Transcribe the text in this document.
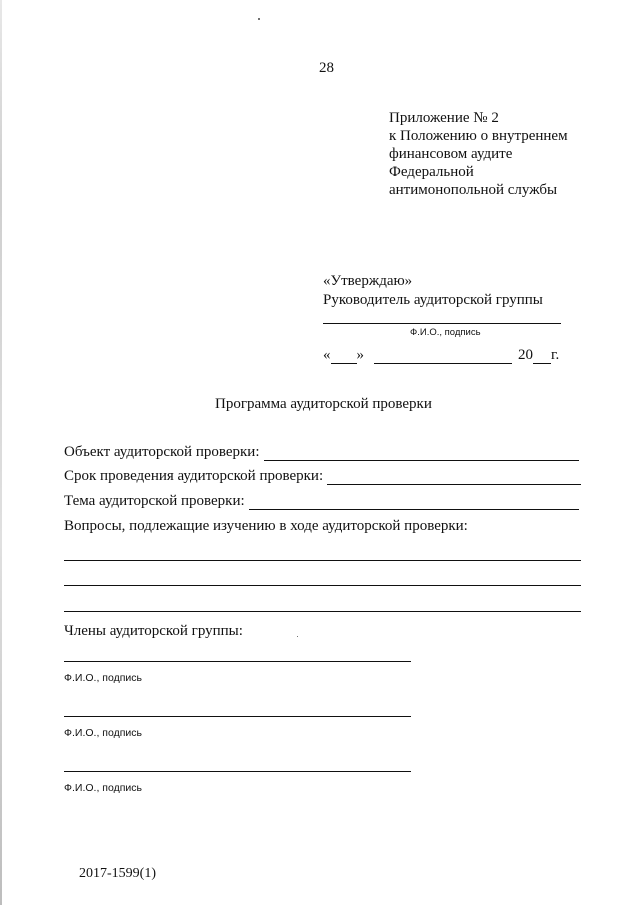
28
Приложение № 2
к Положению о внутреннем
финансовом аудите
Федеральной
антимонопольной службы
«Утверждаю»
Руководитель аудиторской группы
Ф.И.О., подпись
« »	20 г.
Программа аудиторской проверки
Объект аудиторской проверки:
Срок проведения аудиторской проверки:
Тема аудиторской проверки:
Вопросы, подлежащие изучению в ходе аудиторской проверки:
Члены аудиторской группы:
Ф.И.О., подпись
Ф.И.О., подпись
Ф.И.О., подпись
2017-1599(1)
